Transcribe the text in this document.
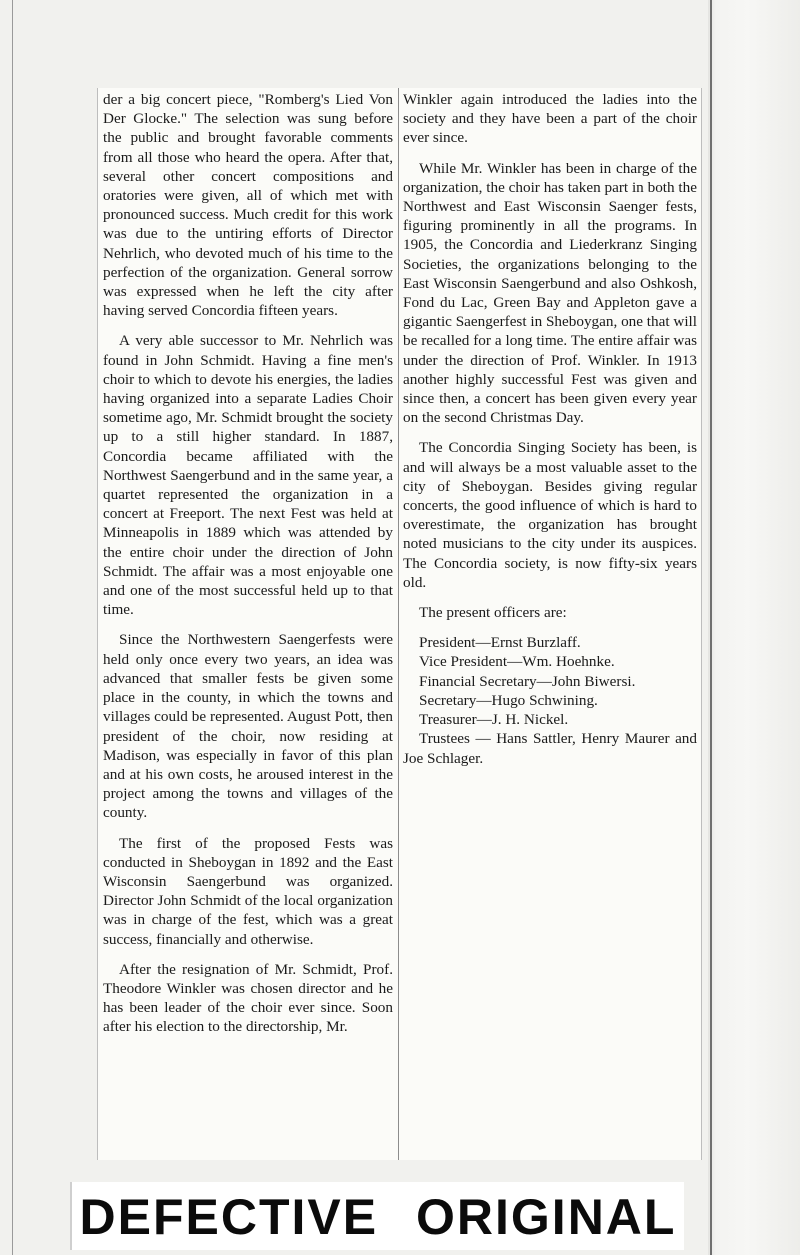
der a big concert piece, "Romberg's Lied Von Der Glocke." The selection was sung before the public and brought favorable comments from all those who heard the opera. After that, several other concert compositions and oratories were given, all of which met with pronounced success. Much credit for this work was due to the untiring efforts of Director Nehrlich, who devoted much of his time to the perfection of the organization. General sorrow was expressed when he left the city after having served Concordia fifteen years.

A very able successor to Mr. Nehrlich was found in John Schmidt. Having a fine men's choir to which to devote his energies, the ladies having organized into a separate Ladies Choir sometime ago, Mr. Schmidt brought the society up to a still higher standard. In 1887, Concordia became affiliated with the Northwest Saengerbund and in the same year, a quartet represented the organization in a concert at Freeport. The next Fest was held at Minneapolis in 1889 which was attended by the entire choir under the direction of John Schmidt. The affair was a most enjoyable one and one of the most successful held up to that time.

Since the Northwestern Saengerfests were held only once every two years, an idea was advanced that smaller fests be given some place in the county, in which the towns and villages could be represented. August Pott, then president of the choir, now residing at Madison, was especially in favor of this plan and at his own costs, he aroused interest in the project among the towns and villages of the county.

The first of the proposed Fests was conducted in Sheboygan in 1892 and the East Wisconsin Saengerbund was organized. Director John Schmidt of the local organization was in charge of the fest, which was a great success, financially and otherwise.

After the resignation of Mr. Schmidt, Prof. Theodore Winkler was chosen director and he has been leader of the choir ever since. Soon after his election to the directorship, Mr.

Winkler again introduced the ladies into the society and they have been a part of the choir ever since.

While Mr. Winkler has been in charge of the organization, the choir has taken part in both the Northwest and East Wisconsin Saenger fests, figuring prominently in all the programs. In 1905, the Concordia and Liederkranz Singing Societies, the organizations belonging to the East Wisconsin Saengerbund and also Oshkosh, Fond du Lac, Green Bay and Appleton gave a gigantic Saengerfest in Sheboygan, one that will be recalled for a long time. The entire affair was under the direction of Prof. Winkler. In 1913 another highly successful Fest was given and since then, a concert has been given every year on the second Christmas Day.

The Concordia Singing Society has been, is and will always be a most valuable asset to the city of Sheboygan. Besides giving regular concerts, the good influence of which is hard to overestimate, the organization has brought noted musicians to the city under its auspices. The Concordia society, is now fifty-six years old.

The present officers are:

President—Ernst Burzlaff.

Vice President—Wm. Hoehnke.

Financial Secretary—John Biwersi.

Secretary—Hugo Schwining.

Treasurer—J. H. Nickel.

Trustees — Hans Sattler, Henry Maurer and Joe Schlager.

DEFECTIVE ORIGINAL
